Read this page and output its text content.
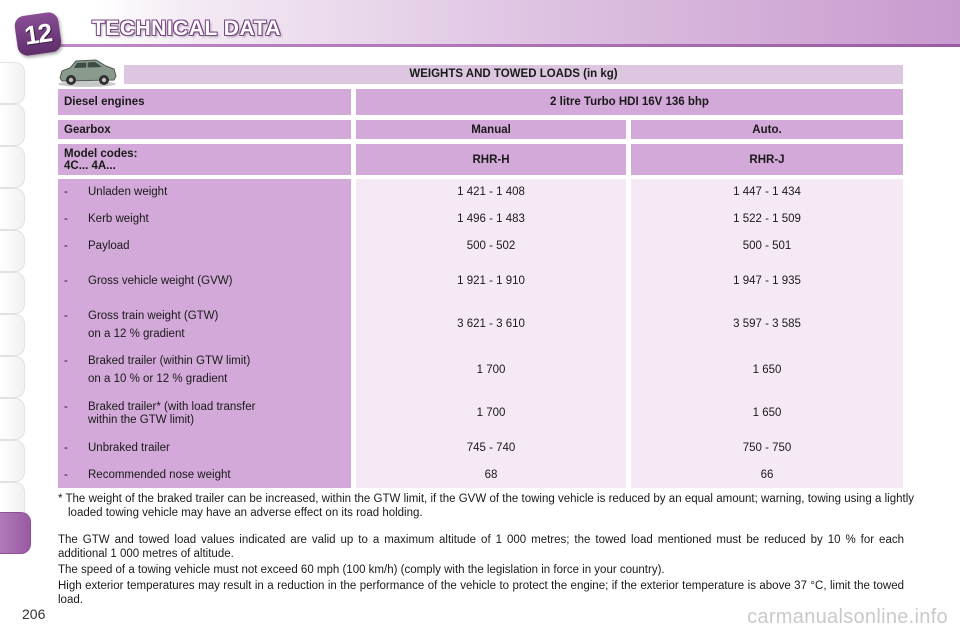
12 TECHNICAL DATA
WEIGHTS AND TOWED LOADS (in kg)
Diesel engines	2 litre Turbo HDI 16V 136 bhp
Gearbox	Manual	Auto.
Model codes:
4C... 4A...
RHR-H	RHR-J
-	Unladen weight	1 421 - 1 408	1 447 - 1 434
-	Kerb weight	1 496 - 1 483	1 522 - 1 509
-	Payload	500 - 502	500 - 501
-	Gross vehicle weight (GVW)	1 921 - 1 910	1 947 - 1 935
-	Gross train weight (GTW)
on a 12 % gradient
3 621 - 3 610	3 597 - 3 585
-	Braked trailer (within GTW limit)
on a 10 % or 12 % gradient
1 700	1 650
-	Braked trailer* (with load transfer
within the GTW limit)
1 700	1 650
-	Unbraked trailer	745 - 740	750 - 750
-	Recommended nose weight	68	66
* The weight of the braked trailer can be increased, within the GTW limit, if the GVW of the towing vehicle is reduced by an equal amount; warning, towing using a lightly loaded towing vehicle may have an adverse effect on its road holding.
The GTW and towed load values indicated are valid up to a maximum altitude of 1 000 metres; the towed load mentioned must be reduced by 10 % for each additional 1 000 metres of altitude.
The speed of a towing vehicle must not exceed 60 mph (100 km/h) (comply with the legislation in force in your country).
High exterior temperatures may result in a reduction in the performance of the vehicle to protect the engine; if the exterior temperature is above 37 °C, limit the towed load.
206	carmanualsonline.info
